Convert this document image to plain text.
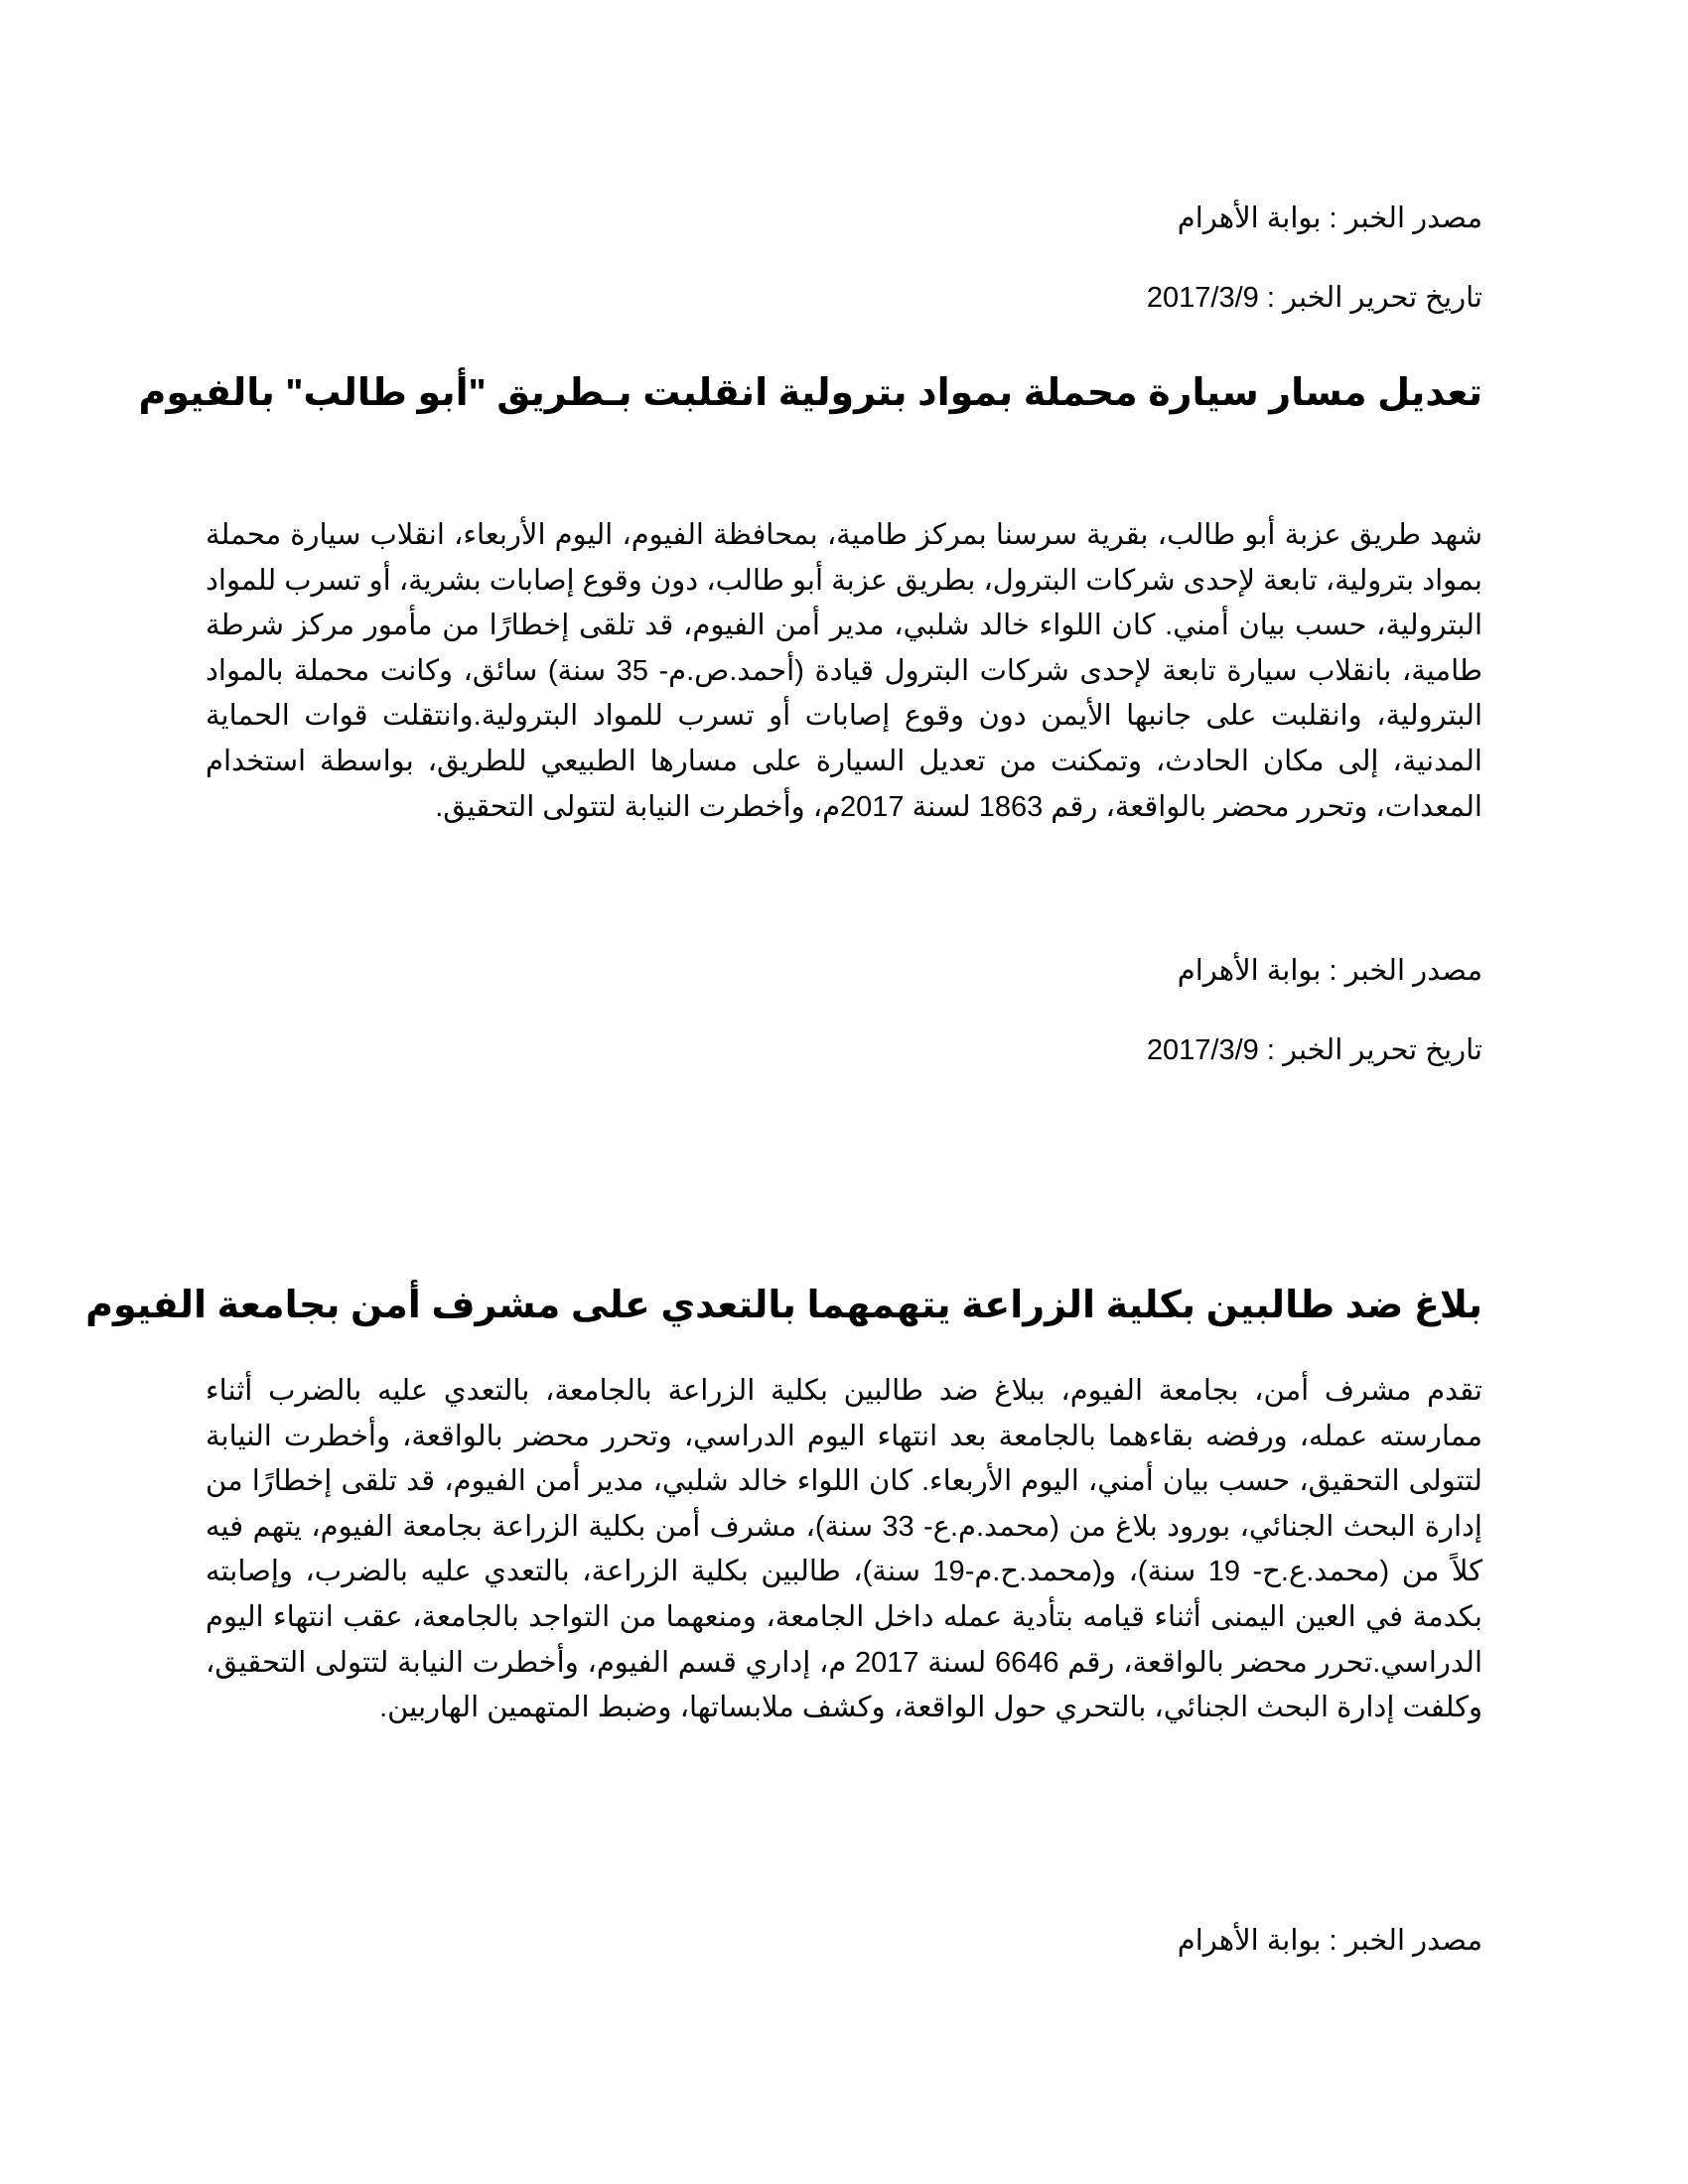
مصدر الخبر : بوابة الأهرام
تاريخ تحرير الخبر : 2017/3/9
تعديل مسار سيارة محملة بمواد بترولية انقلبت بـطريق "أبو طالب" بالفيوم
شهد طريق عزبة أبو طالب، بقرية سرسنا بمركز طامية، بمحافظة الفيوم، اليوم الأربعاء، انقلاب سيارة محملة بمواد بترولية، تابعة لإحدى شركات البترول، بطريق عزبة أبو طالب، دون وقوع إصابات بشرية، أو تسرب للمواد البترولية، حسب بيان أمني. كان اللواء خالد شلبي، مدير أمن الفيوم، قد تلقى إخطارًا من مأمور مركز شرطة طامية، بانقلاب سيارة تابعة لإحدى شركات البترول قيادة (أحمد.ص.م- 35 سنة) سائق، وكانت محملة بالمواد البترولية، وانقلبت على جانبها الأيمن دون وقوع إصابات أو تسرب للمواد البترولية.وانتقلت قوات الحماية المدنية، إلى مكان الحادث، وتمكنت من تعديل السيارة على مسارها الطبيعي للطريق، بواسطة استخدام المعدات، وتحرر محضر بالواقعة، رقم 1863 لسنة 2017م، وأخطرت النيابة لتتولى التحقيق.
مصدر الخبر : بوابة الأهرام
تاريخ تحرير الخبر : 2017/3/9
بلاغ ضد طالبين بكلية الزراعة يتهمهما بالتعدي على مشرف أمن بجامعة الفيوم
تقدم مشرف أمن، بجامعة الفيوم، ببلاغ ضد طالبين بكلية الزراعة بالجامعة، بالتعدي عليه بالضرب أثناء ممارسته عمله، ورفضه بقاءهما بالجامعة بعد انتهاء اليوم الدراسي، وتحرر محضر بالواقعة، وأخطرت النيابة لتتولى التحقيق، حسب بيان أمني، اليوم الأربعاء. كان اللواء خالد شلبي، مدير أمن الفيوم، قد تلقى إخطارًا من إدارة البحث الجنائي، بورود بلاغ من (محمد.م.ع- 33 سنة)، مشرف أمن بكلية الزراعة بجامعة الفيوم، يتهم فيه كلاً من (محمد.ع.ح- 19 سنة)، و(محمد.ح.م-19 سنة)، طالبين بكلية الزراعة، بالتعدي عليه بالضرب، وإصابته بكدمة في العين اليمنى أثناء قيامه بتأدية عمله داخل الجامعة، ومنعهما من التواجد بالجامعة، عقب انتهاء اليوم الدراسي.تحرر محضر بالواقعة، رقم 6646 لسنة 2017 م، إداري قسم الفيوم، وأخطرت النيابة لتتولى التحقيق، وكلفت إدارة البحث الجنائي، بالتحري حول الواقعة، وكشف ملابساتها، وضبط المتهمين الهاربين.
مصدر الخبر : بوابة الأهرام
